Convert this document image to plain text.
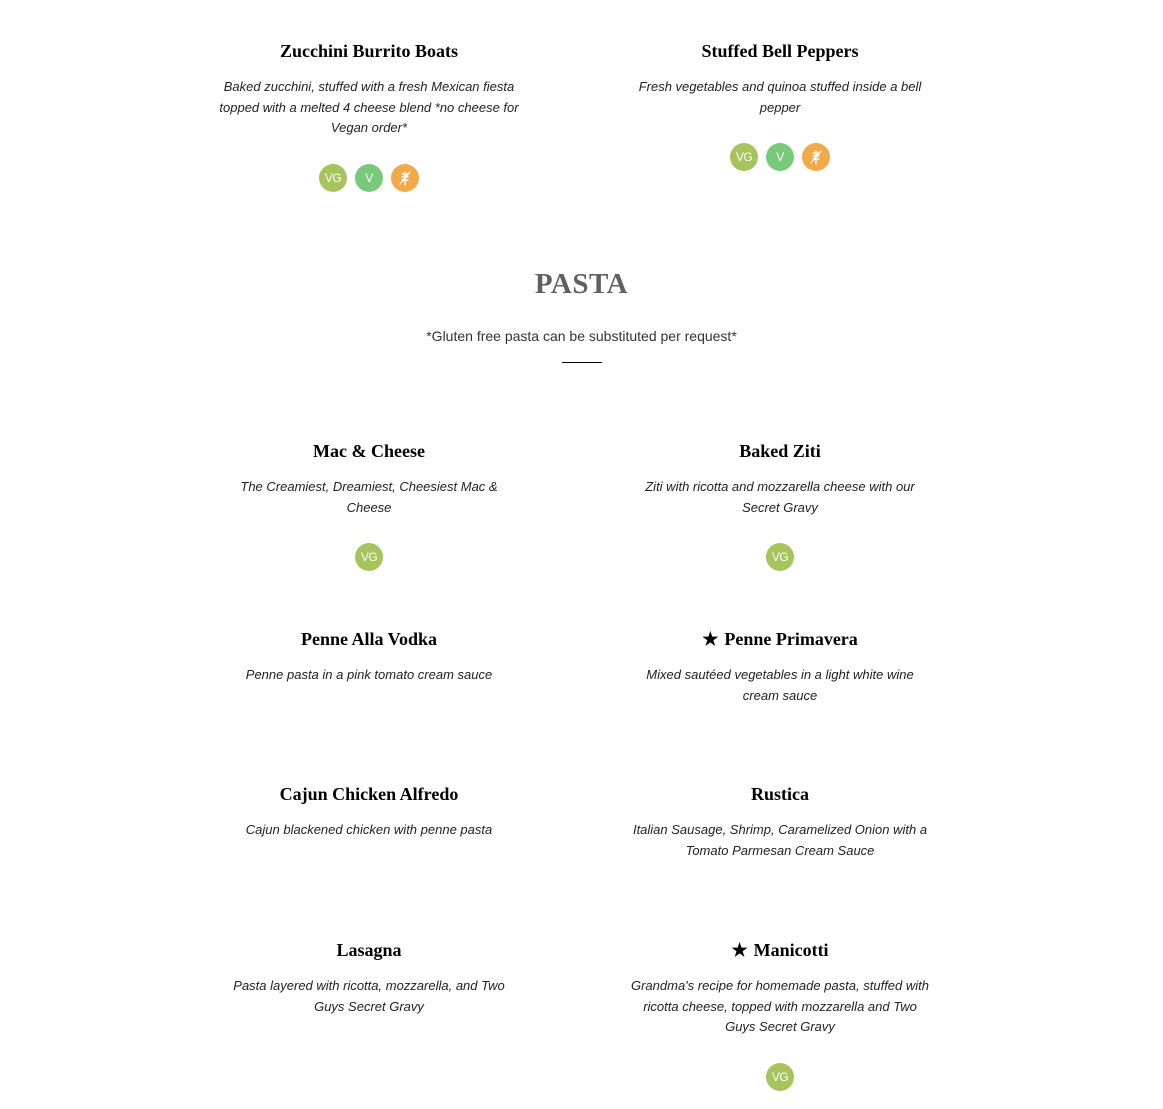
Zucchini Burrito Boats

Baked zucchini, stuffed with a fresh Mexican fiesta topped with a melted 4 cheese blend *no cheese for Vegan order*

VG	V
Stuffed Bell Peppers

Fresh vegetables and quinoa stuffed inside a bell pepper

VG	V
PASTA

*Gluten free pasta can be substituted per request*

Mac & Cheese

The Creamiest, Dreamiest, Cheesiest Mac & Cheese

VG
Baked Ziti

Ziti with ricotta and mozzarella cheese with our Secret Gravy

VG
Penne Alla Vodka

Penne pasta in a pink tomato cream sauce

★ Penne Primavera

Mixed sautéed vegetables in a light white wine cream sauce

Cajun Chicken Alfredo

Cajun blackened chicken with penne pasta

Rustica

Italian Sausage, Shrimp, Caramelized Onion with a Tomato Parmesan Cream Sauce

Lasagna

Pasta layered with ricotta, mozzarella, and Two Guys Secret Gravy

★ Manicotti

Grandma's recipe for homemade pasta, stuffed with ricotta cheese, topped with mozzarella and Two Guys Secret Gravy

VG
